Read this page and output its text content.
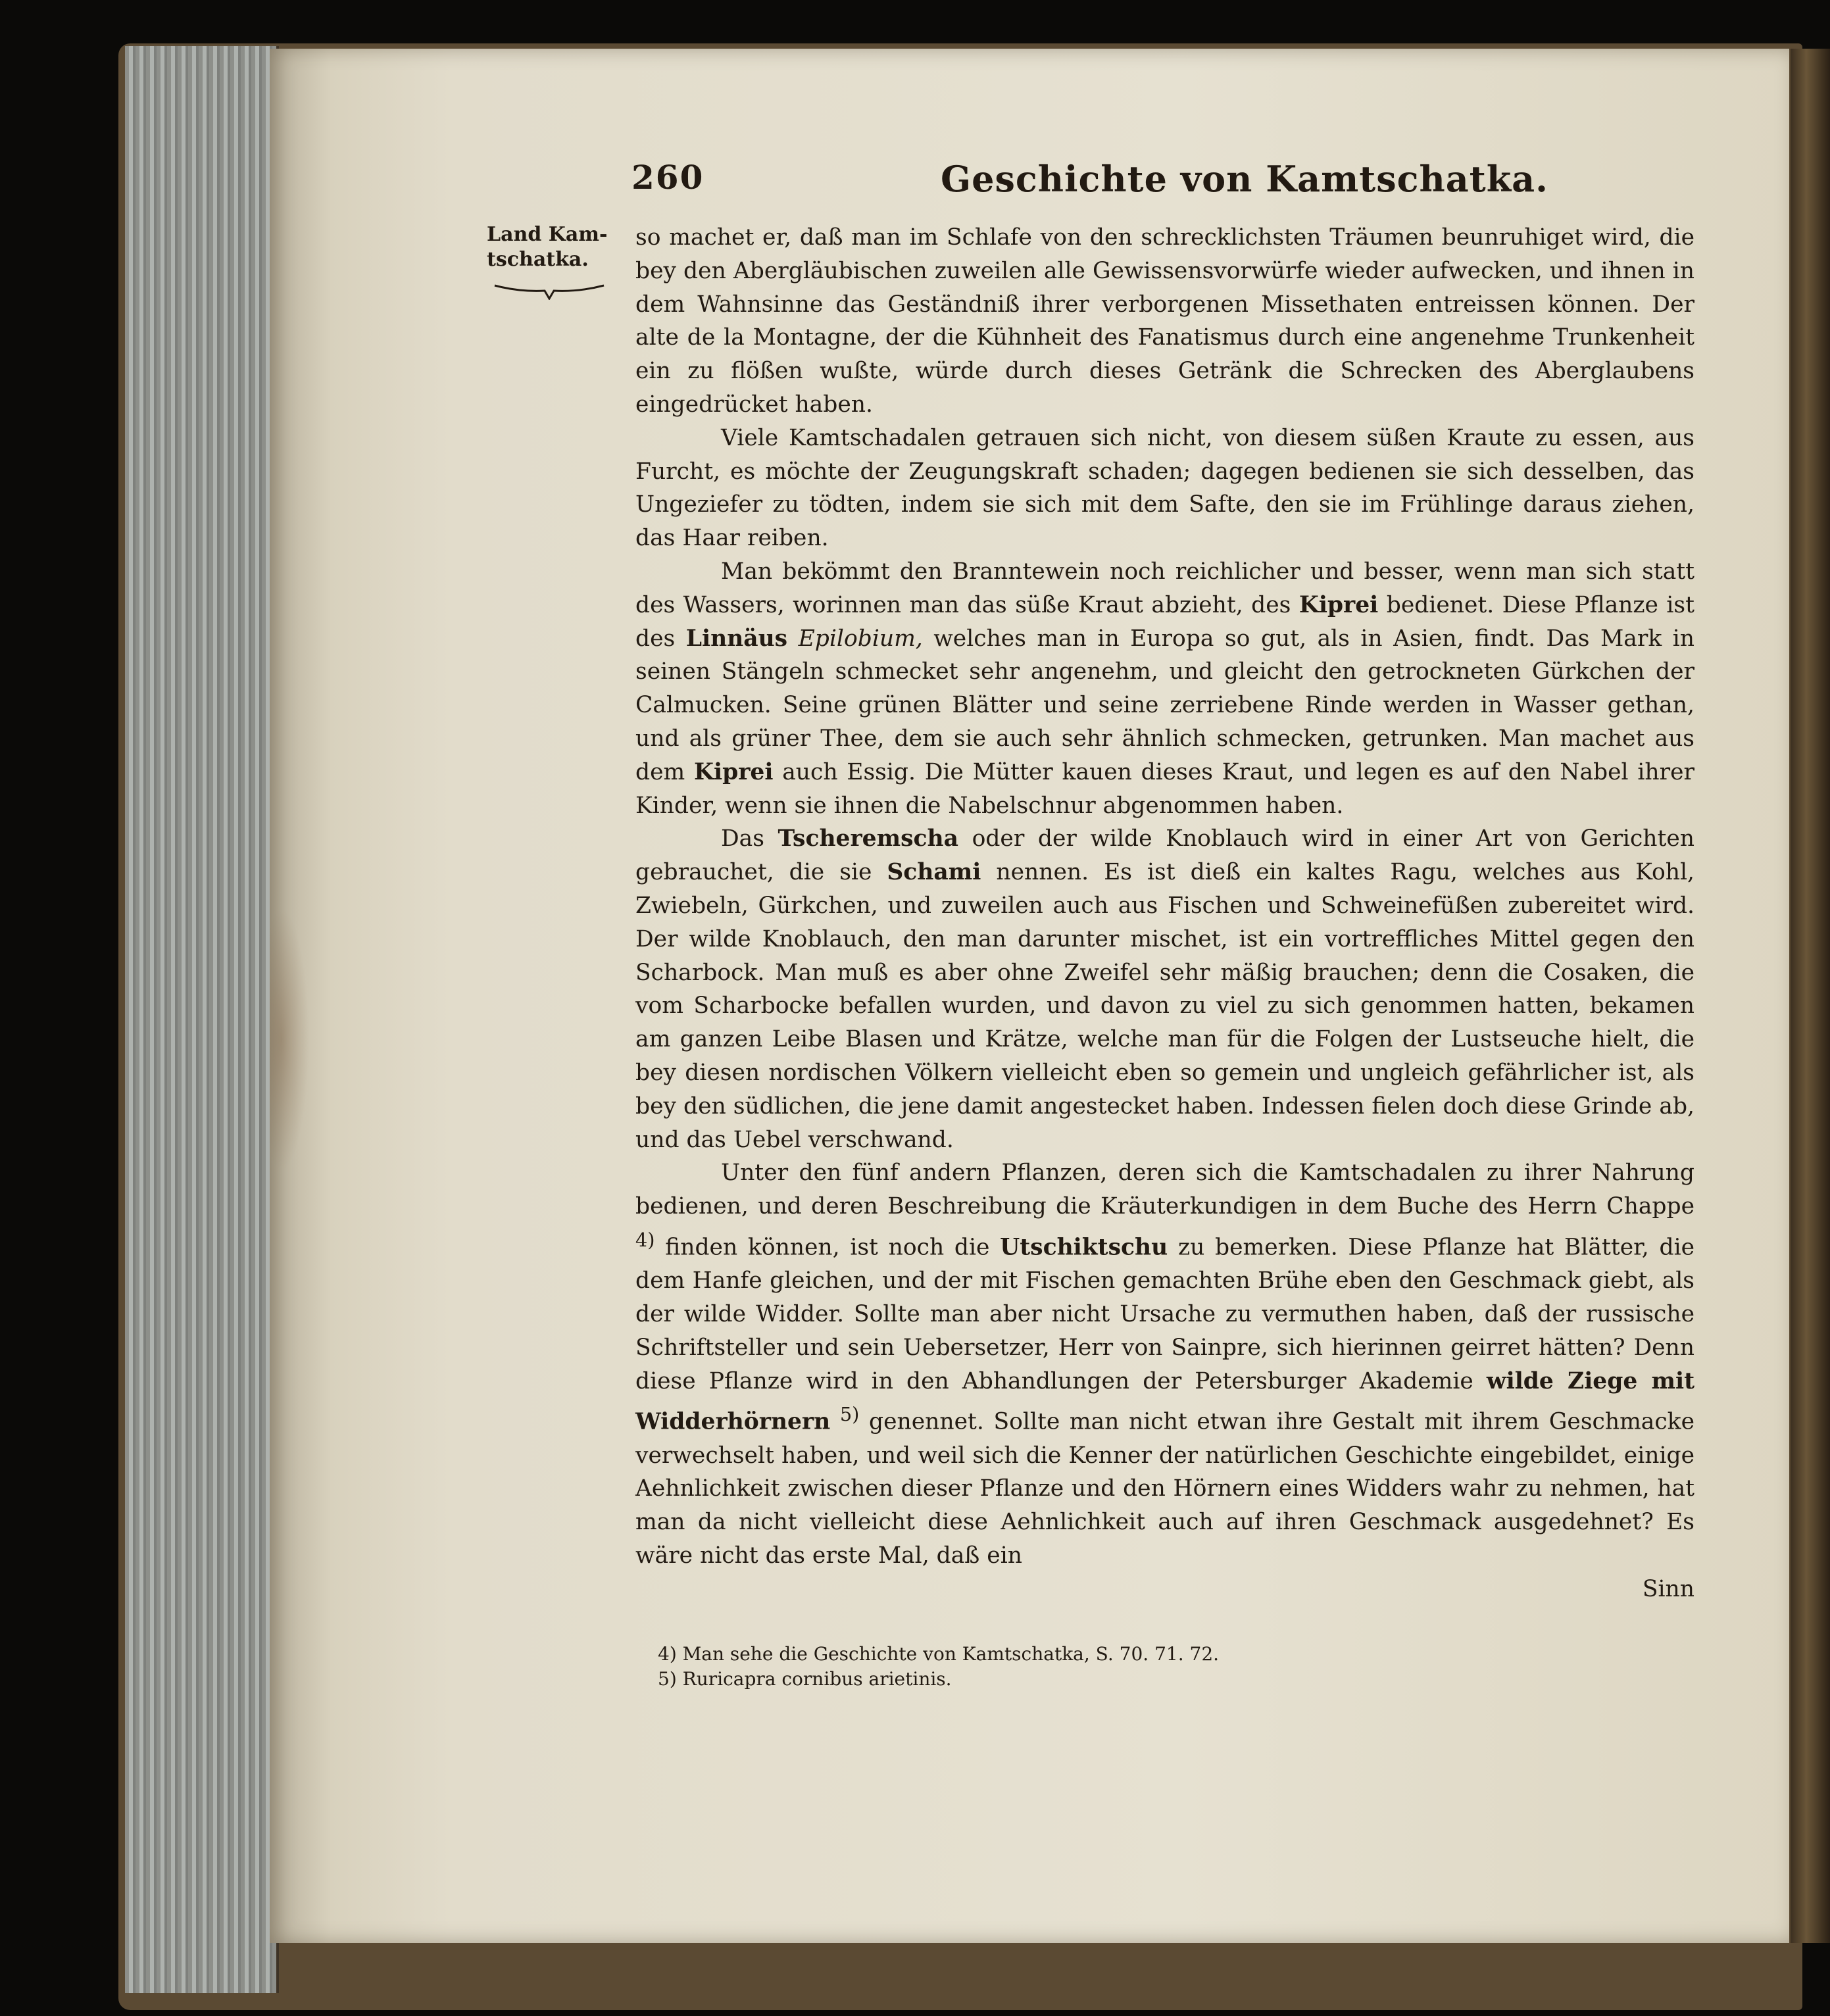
260	Geschichte von Kamtschatka.
Land Kam-tschatka.

so machet er, daß man im Schlafe von den schrecklichsten Träumen beunruhiget wird, die bey den Abergläubischen zuweilen alle Gewissensvorwürfe wieder aufwecken, und ihnen in dem Wahnsinne das Geständniß ihrer verborgenen Missethaten entreissen können. Der alte de la Montagne, der die Kühnheit des Fanatismus durch eine angenehme Trunkenheit ein zu flößen wußte, würde durch dieses Getränk die Schrecken des Aberglaubens eingedrücket haben.

Viele Kamtschadalen getrauen sich nicht, von diesem süßen Kraute zu essen, aus Furcht, es möchte der Zeugungskraft schaden; dagegen bedienen sie sich desselben, das Ungeziefer zu tödten, indem sie sich mit dem Safte, den sie im Frühlinge daraus ziehen, das Haar reiben.

Man bekömmt den Branntewein noch reichlicher und besser, wenn man sich statt des Wassers, worinnen man das süße Kraut abzieht, des Kiprei bedienet. Diese Pflanze ist des Linnäus Epilobium, welches man in Europa so gut, als in Asien, findt. Das Mark in seinen Stängeln schmecket sehr angenehm, und gleicht den getrockneten Gürkchen der Calmucken. Seine grünen Blätter und seine zerriebene Rinde werden in Wasser gethan, und als grüner Thee, dem sie auch sehr ähnlich schmecken, getrunken. Man machet aus dem Kiprei auch Essig. Die Mütter kauen dieses Kraut, und legen es auf den Nabel ihrer Kinder, wenn sie ihnen die Nabelschnur abgenommen haben.

Das Tscheremscha oder der wilde Knoblauch wird in einer Art von Gerichten gebrauchet, die sie Schami nennen. Es ist dieß ein kaltes Ragu, welches aus Kohl, Zwiebeln, Gürkchen, und zuweilen auch aus Fischen und Schweinefüßen zubereitet wird. Der wilde Knoblauch, den man darunter mischet, ist ein vortreffliches Mittel gegen den Scharbock. Man muß es aber ohne Zweifel sehr mäßig brauchen; denn die Cosaken, die vom Scharbocke befallen wurden, und davon zu viel zu sich genommen hatten, bekamen am ganzen Leibe Blasen und Krätze, welche man für die Folgen der Lustseuche hielt, die bey diesen nordischen Völkern vielleicht eben so gemein und ungleich gefährlicher ist, als bey den südlichen, die jene damit angestecket haben. Indessen fielen doch diese Grinde ab, und das Uebel verschwand.

Unter den fünf andern Pflanzen, deren sich die Kamtschadalen zu ihrer Nahrung bedienen, und deren Beschreibung die Kräuterkundigen in dem Buche des Herrn Chappe $^{4)}$ finden können, ist noch die Utschiktschu zu bemerken. Diese Pflanze hat Blätter, die dem Hanfe gleichen, und der mit Fischen gemachten Brühe eben den Geschmack giebt, als der wilde Widder. Sollte man aber nicht Ursache zu vermuthen haben, daß der russische Schriftsteller und sein Uebersetzer, Herr von Sainpre, sich hierinnen geirret hätten? Denn diese Pflanze wird in den Abhandlungen der Petersburger Akademie wilde Ziege mit Widderhörnern $^{5)}$ genennet. Sollte man nicht etwan ihre Gestalt mit ihrem Geschmacke verwechselt haben, und weil sich die Kenner der natürlichen Geschichte eingebildet, einige Aehnlichkeit zwischen dieser Pflanze und den Hörnern eines Widders wahr zu nehmen, hat man da nicht vielleicht diese Aehnlichkeit auch auf ihren Geschmack ausgedehnet? Es wäre nicht das erste Mal, daß ein

Sinn

4) Man sehe die Geschichte von Kamtschatka, S. 70. 71. 72.
5) Ruricapra cornibus arietinis.
